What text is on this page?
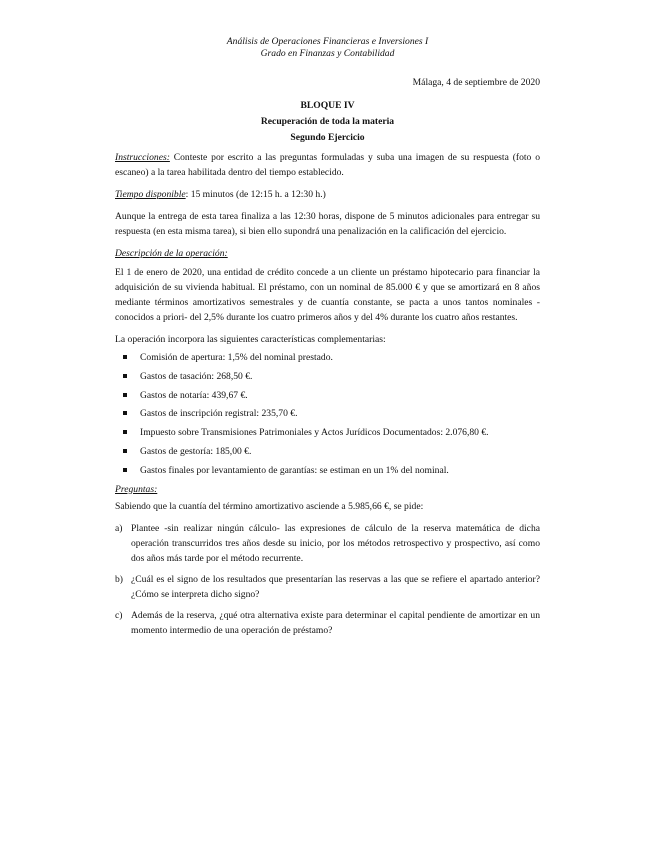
Análisis de Operaciones Financieras e Inversiones I
Grado en Finanzas y Contabilidad
Málaga, 4 de septiembre de 2020
BLOQUE IV
Recuperación de toda la materia
Segundo Ejercicio

Instrucciones: Conteste por escrito a las preguntas formuladas y suba una imagen de su respuesta (foto o escaneo) a la tarea habilitada dentro del tiempo establecido.

Tiempo disponible: 15 minutos (de 12:15 h. a 12:30 h.)

Aunque la entrega de esta tarea finaliza a las 12:30 horas, dispone de 5 minutos adicionales para entregar su respuesta (en esta misma tarea), si bien ello supondrá una penalización en la calificación del ejercicio.

Descripción de la operación:

El 1 de enero de 2020, una entidad de crédito concede a un cliente un préstamo hipotecario para financiar la adquisición de su vivienda habitual. El préstamo, con un nominal de 85.000 € y que se amortizará en 8 años mediante términos amortizativos semestrales y de cuantía constante, se pacta a unos tantos nominales -conocidos a priori- del 2,5% durante los cuatro primeros años y del 4% durante los cuatro años restantes.

La operación incorpora las siguientes características complementarias:

Comisión de apertura: 1,5% del nominal prestado.
Gastos de tasación: 268,50 €.
Gastos de notaría: 439,67 €.
Gastos de inscripción registral: 235,70 €.
Impuesto sobre Transmisiones Patrimoniales y Actos Jurídicos Documentados: 2.076,80 €.
Gastos de gestoría: 185,00 €.
Gastos finales por levantamiento de garantías: se estiman en un 1% del nominal.

Preguntas:

Sabiendo que la cuantía del término amortizativo asciende a 5.985,66 €, se pide:

a) Plantee -sin realizar ningún cálculo- las expresiones de cálculo de la reserva matemática de dicha operación transcurridos tres años desde su inicio, por los métodos retrospectivo y prospectivo, así como dos años más tarde por el método recurrente.
b) ¿Cuál es el signo de los resultados que presentarían las reservas a las que se refiere el apartado anterior? ¿Cómo se interpreta dicho signo?
c) Además de la reserva, ¿qué otra alternativa existe para determinar el capital pendiente de amortizar en un momento intermedio de una operación de préstamo?
